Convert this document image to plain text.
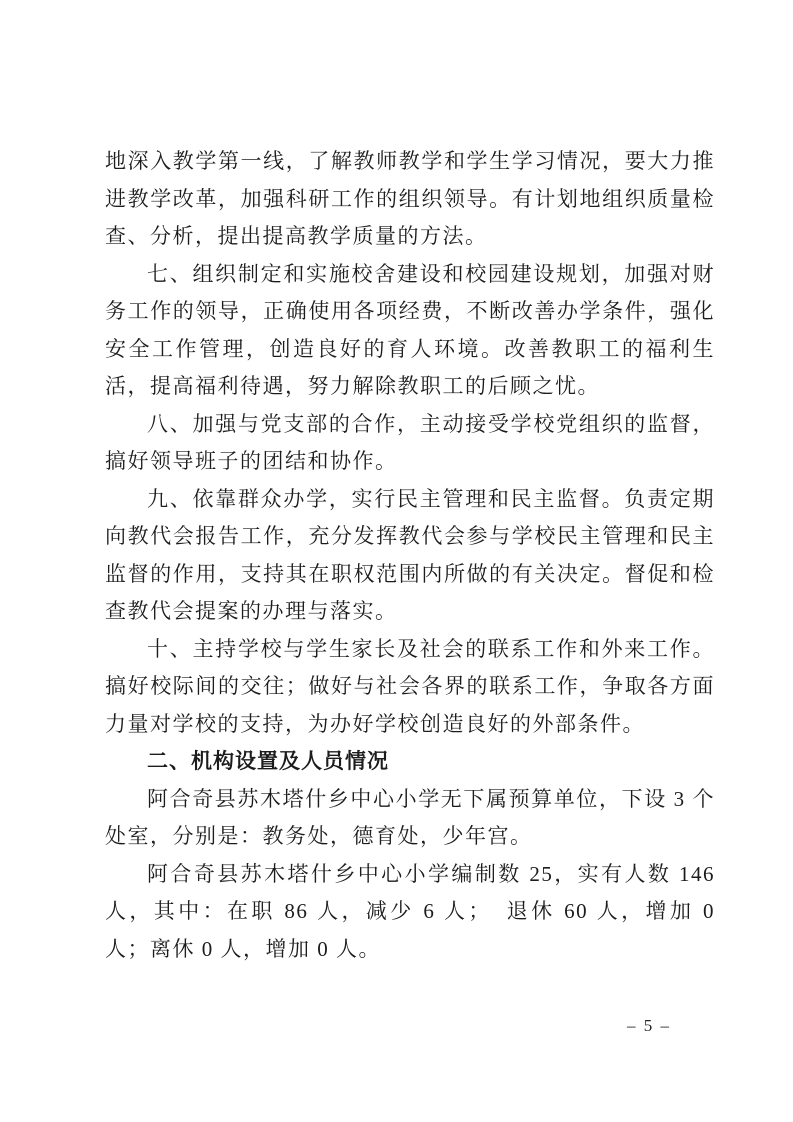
地深入教学第一线，了解教师教学和学生学习情况，要大力推进教学改革，加强科研工作的组织领导。有计划地组织质量检查、分析，提出提高教学质量的方法。

七、组织制定和实施校舍建设和校园建设规划，加强对财务工作的领导，正确使用各项经费，不断改善办学条件，强化安全工作管理，创造良好的育人环境。改善教职工的福利生活，提高福利待遇，努力解除教职工的后顾之忧。

八、加强与党支部的合作，主动接受学校党组织的监督，搞好领导班子的团结和协作。

九、依靠群众办学，实行民主管理和民主监督。负责定期向教代会报告工作，充分发挥教代会参与学校民主管理和民主监督的作用，支持其在职权范围内所做的有关决定。督促和检查教代会提案的办理与落实。

十、主持学校与学生家长及社会的联系工作和外来工作。搞好校际间的交往；做好与社会各界的联系工作，争取各方面力量对学校的支持，为办好学校创造良好的外部条件。

二、机构设置及人员情况

阿合奇县苏木塔什乡中心小学无下属预算单位，下设 3 个处室，分别是：教务处，德育处，少年宫。

阿合奇县苏木塔什乡中心小学编制数 25，实有人数 146 人，其中：在职 86 人，减少 6 人；　退休 60 人，增加 0 人；离休 0 人，增加 0 人。

– 5 –
